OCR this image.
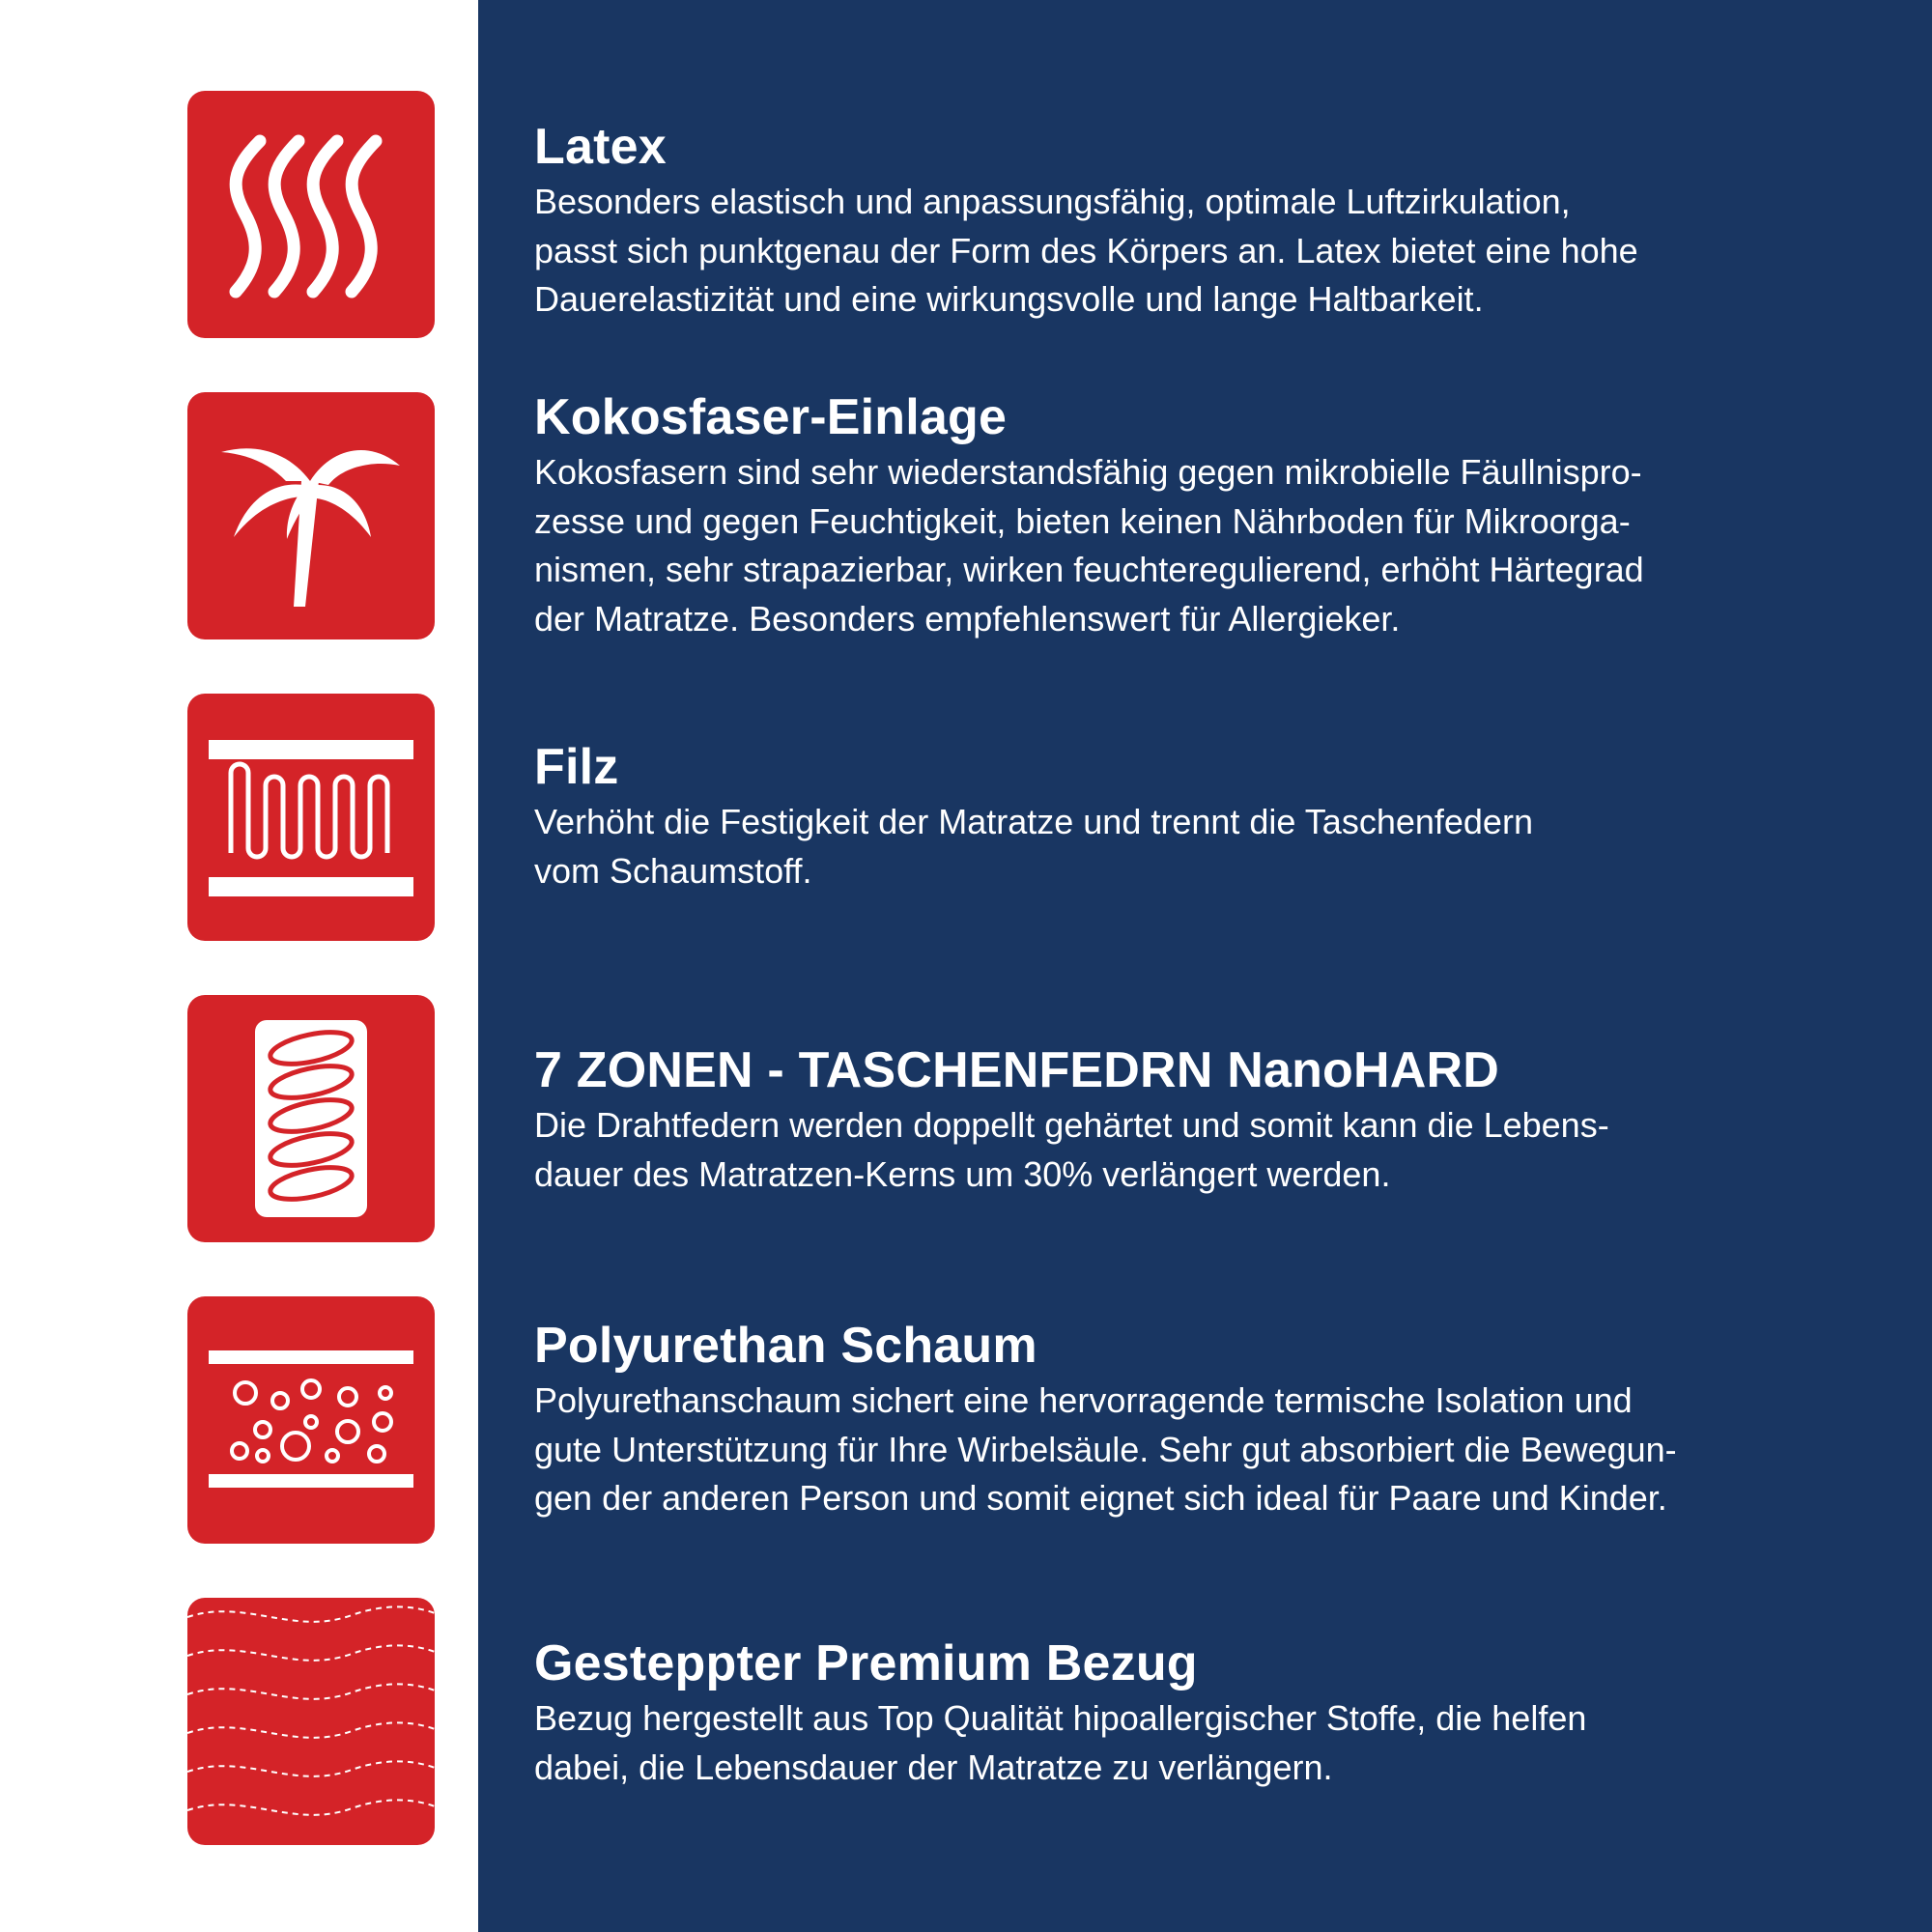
Latex

Besonders elastisch und anpassungsfähig, optimale Luftzirkulation,
passt sich punktgenau der Form des Körpers an. Latex bietet eine hohe
Dauerelastizität und eine wirkungsvolle und lange Haltbarkeit.

Kokosfaser-Einlage

Kokosfasern sind sehr wiederstandsfähig gegen mikrobielle Fäullnispro-
zesse und gegen Feuchtigkeit, bieten keinen Nährboden für Mikroorga-
nismen, sehr strapazierbar, wirken feuchteregulierend, erhöht Härtegrad
der Matratze. Besonders empfehlenswert für Allergieker.

Filz

Verhöht die Festigkeit der Matratze und trennt die Taschenfedern
vom Schaumstoff.

7 ZONEN - TASCHENFEDRN NanoHARD

Die Drahtfedern werden doppellt gehärtet und somit kann die Lebens-
dauer des Matratzen-Kerns um 30% verlängert werden.

Polyurethan Schaum

Polyurethanschaum sichert eine hervorragende termische Isolation und
gute Unterstützung für Ihre Wirbelsäule. Sehr gut absorbiert die Bewegun-
gen der anderen Person und somit eignet sich ideal für Paare und Kinder.

Gesteppter Premium Bezug

Bezug hergestellt aus Top Qualität hipoallergischer Stoffe, die helfen
dabei, die Lebensdauer der Matratze zu verlängern.
